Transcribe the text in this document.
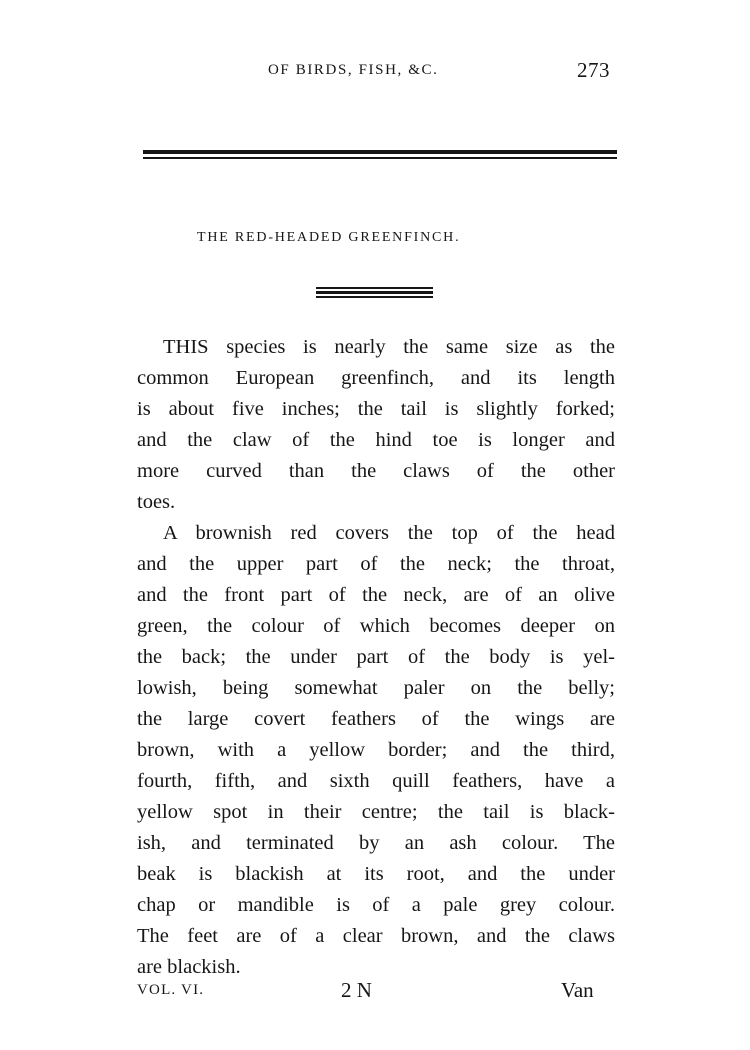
OF BIRDS, FISH, &C.	273
THE RED-HEADED GREENFINCH.
THIS species is nearly the same size as the
common European greenfinch, and its length
is about five inches; the tail is slightly forked;
and the claw of the hind toe is longer and
more curved than the claws of the other
toes.
A brownish red covers the top of the head
and the upper part of the neck; the throat,
and the front part of the neck, are of an olive
green, the colour of which becomes deeper on
the back; the under part of the body is yel-
lowish, being somewhat paler on the belly;
the large covert feathers of the wings are
brown, with a yellow border; and the third,
fourth, fifth, and sixth quill feathers, have a
yellow spot in their centre; the tail is black-
ish, and terminated by an ash colour. The
beak is blackish at its root, and the under
chap or mandible is of a pale grey colour.
The feet are of a clear brown, and the claws
are blackish.
VOL. VI.	2 N	Van
